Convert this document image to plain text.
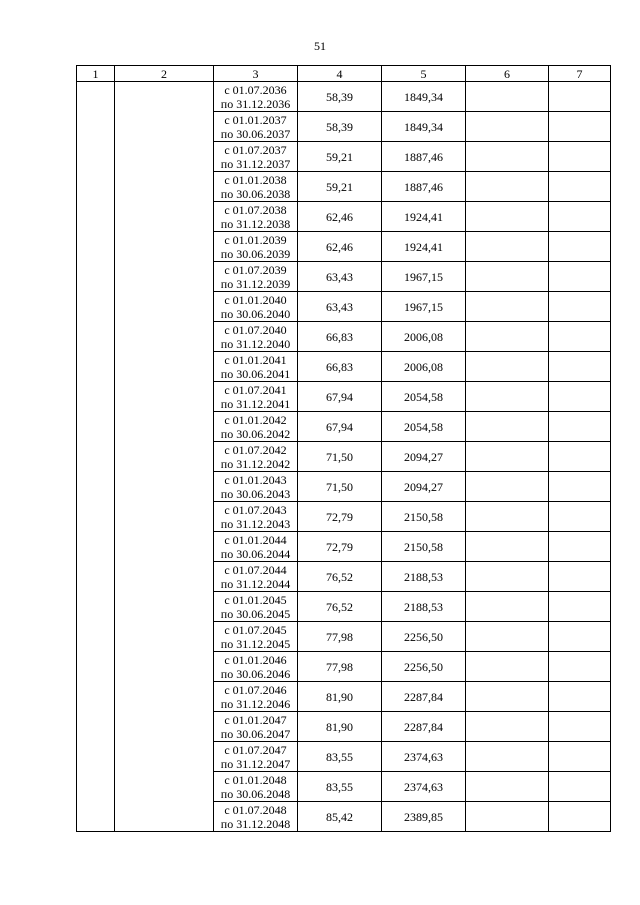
51
1	2	3	4	5	6	7

		с 01.07.2036
по 31.12.2036	58,39	1849,34		

		с 01.01.2037
по 30.06.2037	58,39	1849,34		

		с 01.07.2037
по 31.12.2037	59,21	1887,46		

		с 01.01.2038
по 30.06.2038	59,21	1887,46		

		с 01.07.2038
по 31.12.2038	62,46	1924,41		

		с 01.01.2039
по 30.06.2039	62,46	1924,41		

		с 01.07.2039
по 31.12.2039	63,43	1967,15		

		с 01.01.2040
по 30.06.2040	63,43	1967,15		

		с 01.07.2040
по 31.12.2040	66,83	2006,08		

		с 01.01.2041
по 30.06.2041	66,83	2006,08		

		с 01.07.2041
по 31.12.2041	67,94	2054,58		

		с 01.01.2042
по 30.06.2042	67,94	2054,58		

		с 01.07.2042
по 31.12.2042	71,50	2094,27		

		с 01.01.2043
по 30.06.2043	71,50	2094,27		

		с 01.07.2043
по 31.12.2043	72,79	2150,58		

		с 01.01.2044
по 30.06.2044	72,79	2150,58		

		с 01.07.2044
по 31.12.2044	76,52	2188,53		

		с 01.01.2045
по 30.06.2045	76,52	2188,53		

		с 01.07.2045
по 31.12.2045	77,98	2256,50		

		с 01.01.2046
по 30.06.2046	77,98	2256,50		

		с 01.07.2046
по 31.12.2046	81,90	2287,84		

		с 01.01.2047
по 30.06.2047	81,90	2287,84		

		с 01.07.2047
по 31.12.2047	83,55	2374,63		

		с 01.01.2048
по 30.06.2048	83,55	2374,63		

		с 01.07.2048
по 31.12.2048	85,42	2389,85		
